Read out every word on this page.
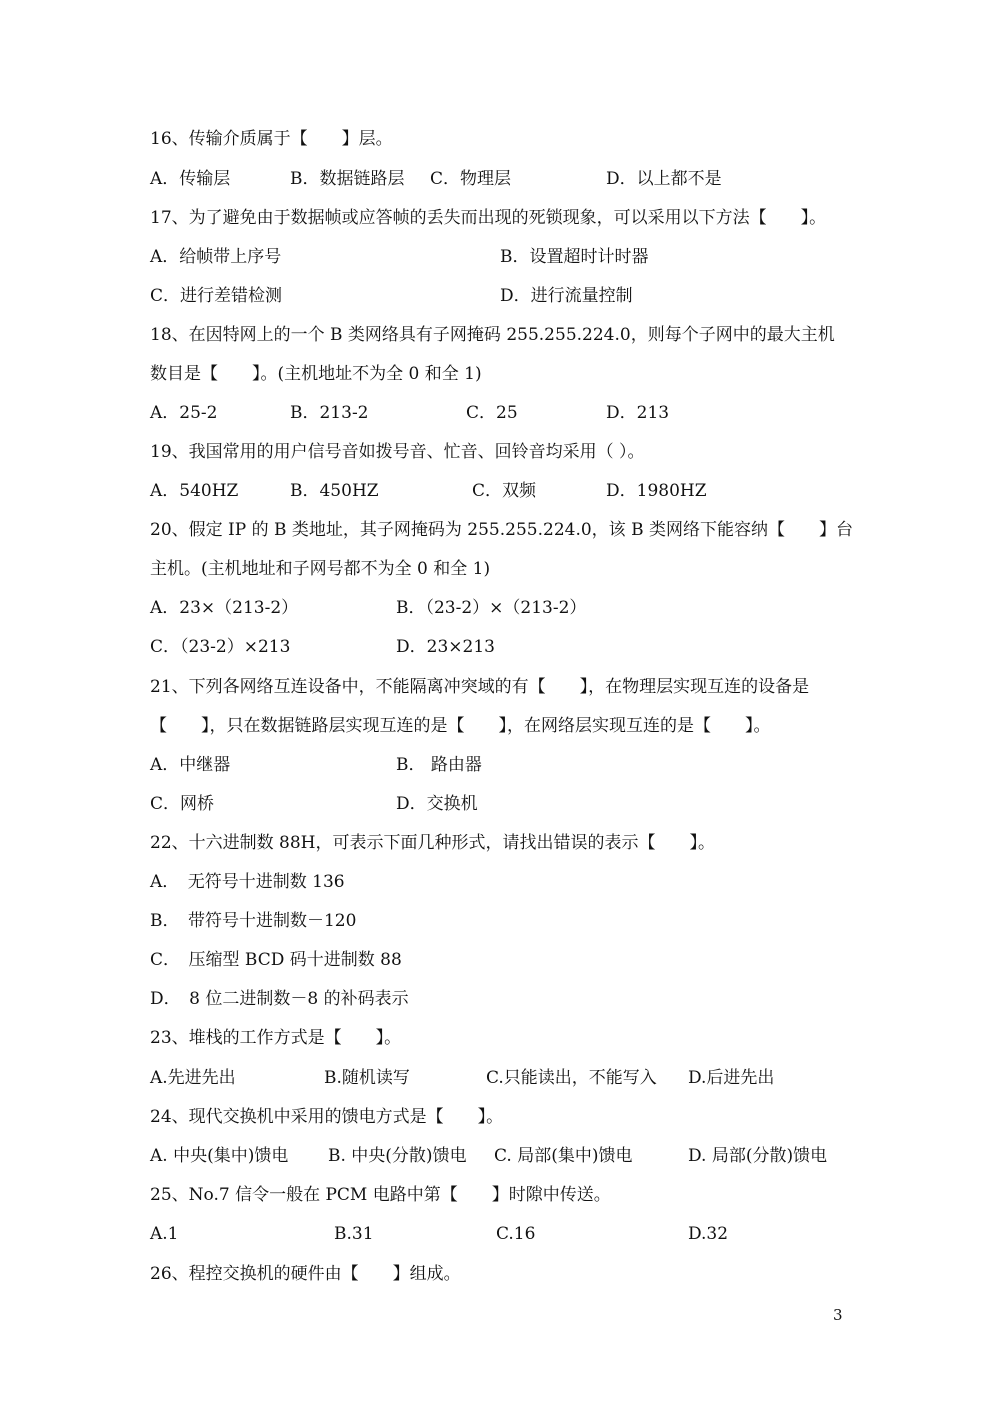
16、传输介质属于【　　】层。
A．传输层	B．数据链路层 C．物理层	D．以上都不是
17、为了避免由于数据帧或应答帧的丢失而出现的死锁现象，可以采用以下方法【　　】。
A．给帧带上序号	B．设置超时计时器
C．进行差错检测	D．进行流量控制
18、在因特网上的一个 B 类网络具有子网掩码 255.255.224.0，则每个子网中的最大主机
数目是【　　】。(主机地址不为全 0 和全 1)
A．25-2	B．213-2	C．25	D．213
19、我国常用的用户信号音如拨号音、忙音、回铃音均采用（ ）。
A．540HZ	B．450HZ	C．双频	D．1980HZ
20、假定 IP 的 B 类地址，其子网掩码为 255.255.224.0，该 B 类网络下能容纳【　　】台
主机。(主机地址和子网号都不为全 0 和全 1)
A．23×（213-2）	B．（23-2）×（213-2）
C．（23-2）×213	D．23×213
21、下列各网络互连设备中，不能隔离冲突域的有【　　】，在物理层实现互连的设备是
【　　】，只在数据链路层实现互连的是【　　】，在网络层实现互连的是【　　】。
A．中继器	B． 路由器
C．网桥	D．交换机
22、十六进制数 88H，可表示下面几种形式，请找出错误的表示【　　】。
A．　无符号十进制数 136
B．　带符号十进制数－120
C．　压缩型 BCD 码十进制数 88
D．　8 位二进制数－8 的补码表示
23、堆栈的工作方式是【　　】。
A.先进先出	B.随机读写	C.只能读出，不能写入 D.后进先出
24、现代交换机中采用的馈电方式是【　　】。
A. 中央(集中)馈电 B. 中央(分散)馈电 C. 局部(集中)馈电	D. 局部(分散)馈电
25、No.7 信令一般在 PCM 电路中第【　　】时隙中传送。
A.1	B.31	C.16	D.32
26、程控交换机的硬件由【　　】组成。
3
